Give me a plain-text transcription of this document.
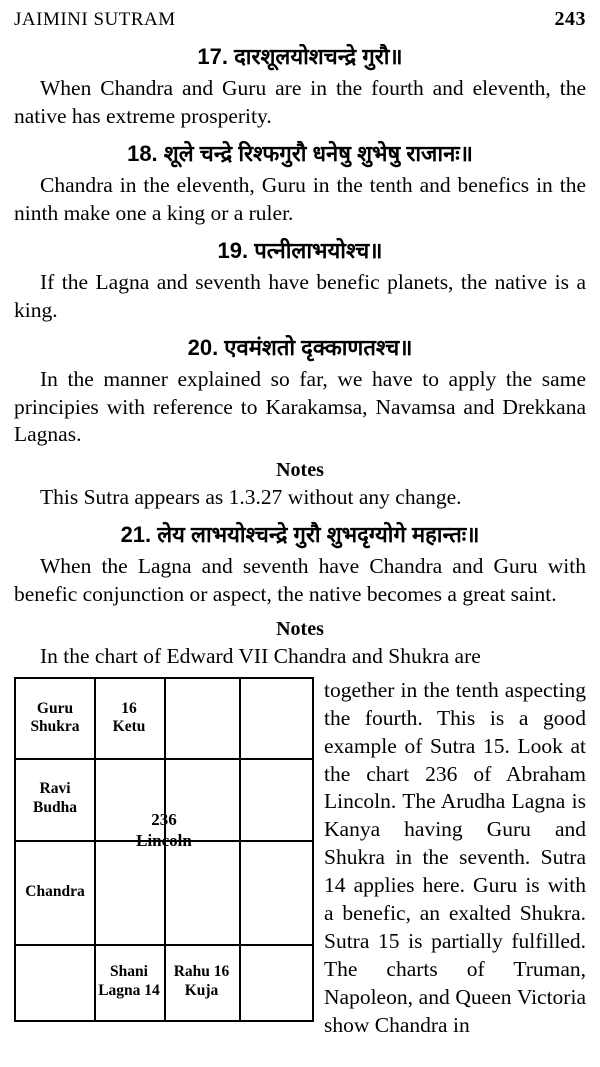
JAIMINI SUTRAM	243
17. दारशूलयोशचन्द्रे गुरौ॥
When Chandra and Guru are in the fourth and eleventh, the native has extreme prosperity.
18. शूले चन्द्रे रिश्फगुरौ धनेषु शुभेषु राजानः॥
Chandra in the eleventh, Guru in the tenth and benefics in the ninth make one a king or a ruler.
19. पत्नीलाभयोश्च॥
If the Lagna and seventh have benefic planets, the native is a king.
20. एवमंशतो दृक्काणतश्च॥
In the manner explained so far, we have to apply the same principies with reference to Karakamsa, Navamsa and Drekkana Lagnas.
Notes
This Sutra appears as 1.3.27 without any change.
21. लेय लाभयोश्चन्द्रे गुरौ शुभदृग्योगे महान्तः॥
When the Lagna and seventh have Chandra and Guru with benefic conjunction or aspect, the native becomes a great saint.
Notes
In the chart of Edward VII Chandra and Shukra are
Guru
Shukra
16
Ketu
Ravi
Budha
Chandra
Shani
Lagna 14
Rahu 16
Kuja
236
Lincoln
together in the tenth aspecting the fourth. This is a good example of Sutra 15. Look at the chart 236 of Abraham Lincoln. The Arudha Lagna is Kanya having Guru and Shukra in the seventh. Sutra 14 applies here. Guru is with a benefic, an exalted Shukra. Sutra 15 is partially fulfilled. The charts of Truman, Napoleon, and Queen Victoria show Chandra in
